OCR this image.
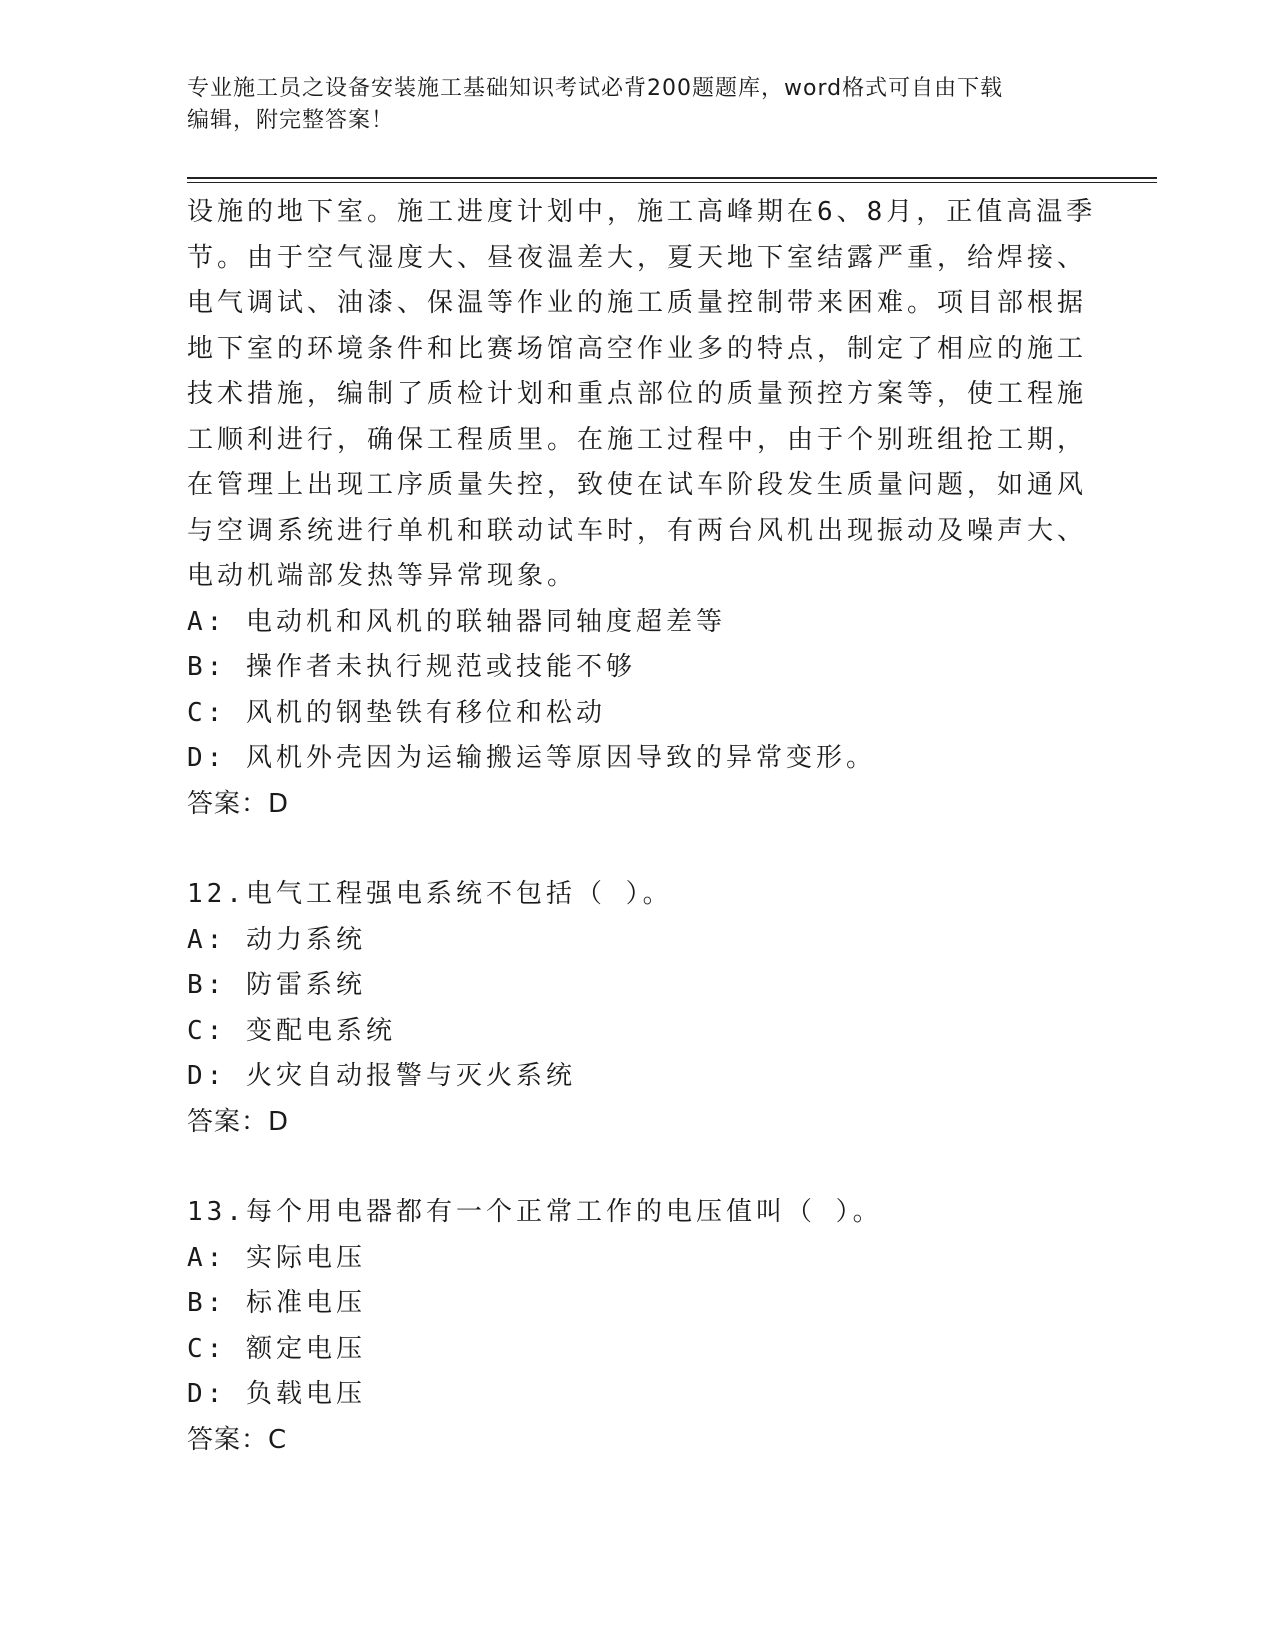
专业施工员之设备安装施工基础知识考试必背200题题库，word格式可自由下载
编辑，附完整答案！
设施的地下室。施工进度计划中，施工高峰期在6、8月，正值高温季
节。由于空气湿度大、昼夜温差大，夏天地下室结露严重，给焊接、
电气调试、油漆、保温等作业的施工质量控制带来困难。项目部根据
地下室的环境条件和比赛场馆高空作业多的特点，制定了相应的施工
技术措施，编制了质检计划和重点部位的质量预控方案等，使工程施
工顺利进行，确保工程质里。在施工过程中，由于个别班组抢工期，
在管理上出现工序质量失控，致使在试车阶段发生质量问题，如通风
与空调系统进行单机和联动试车时，有两台风机出现振动及噪声大、
电动机端部发热等异常现象。
A: 电动机和风机的联轴器同轴度超差等
B: 操作者未执行规范或技能不够
C: 风机的钢垫铁有移位和松动
D: 风机外壳因为运输搬运等原因导致的异常变形。
答案：D
12.电气工程强电系统不包括（ ）。
A: 动力系统
B: 防雷系统
C: 变配电系统
D: 火灾自动报警与灭火系统
答案：D
13.每个用电器都有一个正常工作的电压值叫（ ）。
A: 实际电压
B: 标准电压
C: 额定电压
D: 负载电压
答案：C
